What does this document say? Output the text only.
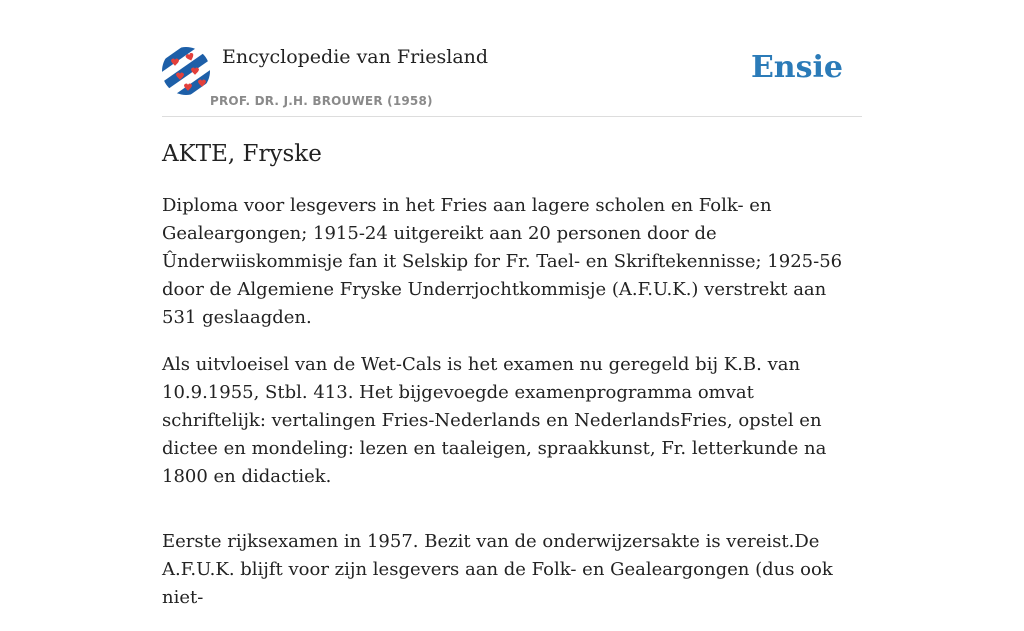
Encyclopedie van Friesland
PROF. DR. J.H. BROUWER (1958)
Ensie
AKTE, Fryske

Diploma voor lesgevers in het Fries aan lagere scholen en Folk- en Gealeargongen; 1915-24 uitgereikt aan 20 personen door de Ûnderwiiskommisje fan it Selskip for Fr. Tael- en Skriftekennisse; 1925-56 door de Algemiene Fryske Underrjochtkommisje (A.F.U.K.) verstrekt aan 531 geslaagden.

Als uitvloeisel van de Wet-Cals is het examen nu geregeld bij K.B. van 10.9.1955, Stbl. 413. Het bijgevoegde examenprogramma omvat schriftelijk: vertalingen Fries-Nederlands en NederlandsFries, opstel en dictee en mondeling: lezen en taaleigen, spraakkunst, Fr. letterkunde na 1800 en didactiek.

Eerste rijksexamen in 1957. Bezit van de onderwijzersakte is vereist.De A.F.U.K. blijft voor zijn lesgevers aan de Folk- en Gealeargongen (dus ook niet-
